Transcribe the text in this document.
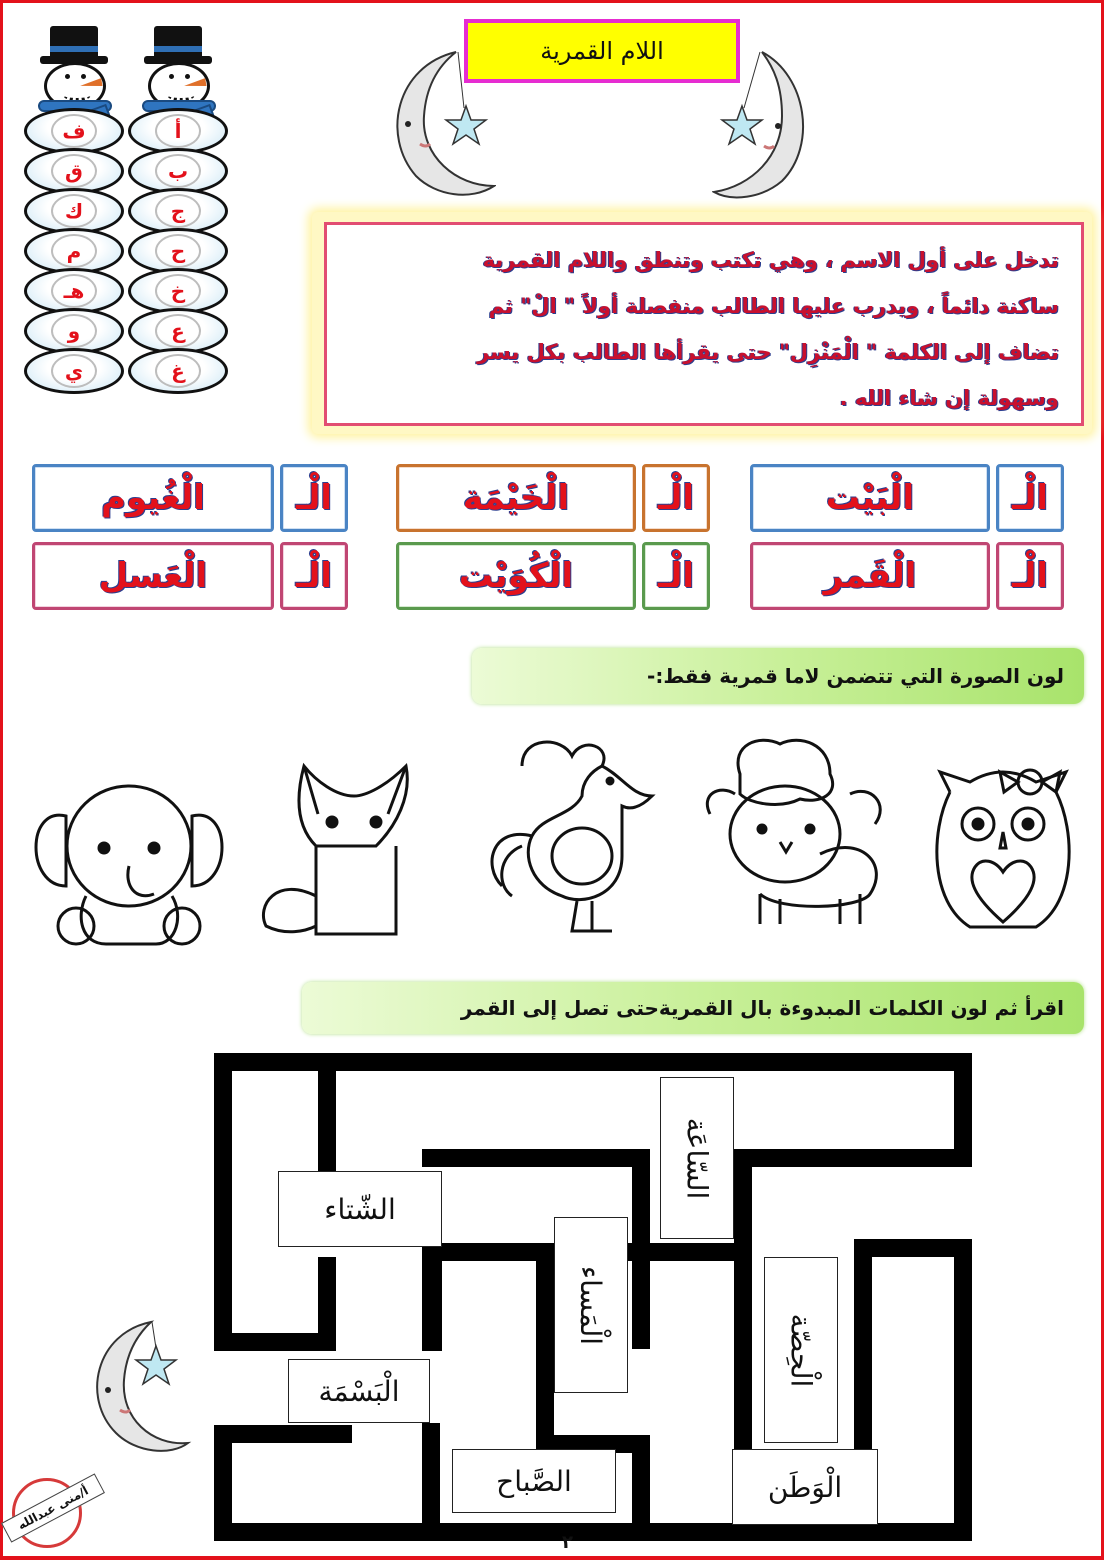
أ
ب
ج
ح
خ
ع
غ
ف
ق
ك
م
هـ
و
ي
اللام القمرية
تدخل على أول الاسم ، وهي تكتب وتنطق واللام القمرية
ساكنة دائماً ، ويدرب عليها الطالب منفصلة أولاً " الْ" ثم
تضاف إلى الكلمة " الْمَنْزِل" حتى يقرأها الطالب بكل يسر
وسهولة إن شاء الله .
الْـ
الْبَيْت
الْـ
الْخَيْمَة
الْـ
الْغُيوم
الْـ
الْقَمر
الْـ
الْكُوَيْت
الْـ
الْعَسل
لون الصورة التي تتضمن لاما قمرية فقط:-
اقرأ ثم لون الكلمات المبدوءة بال القمريةحتى تصل إلى القمر
السّاعَة
الشّتاء
الْمَساء
الْحِصّة
الْبَسْمَة
الصَّباح	الْوَطَن
أ/منى عبدالله
٢
